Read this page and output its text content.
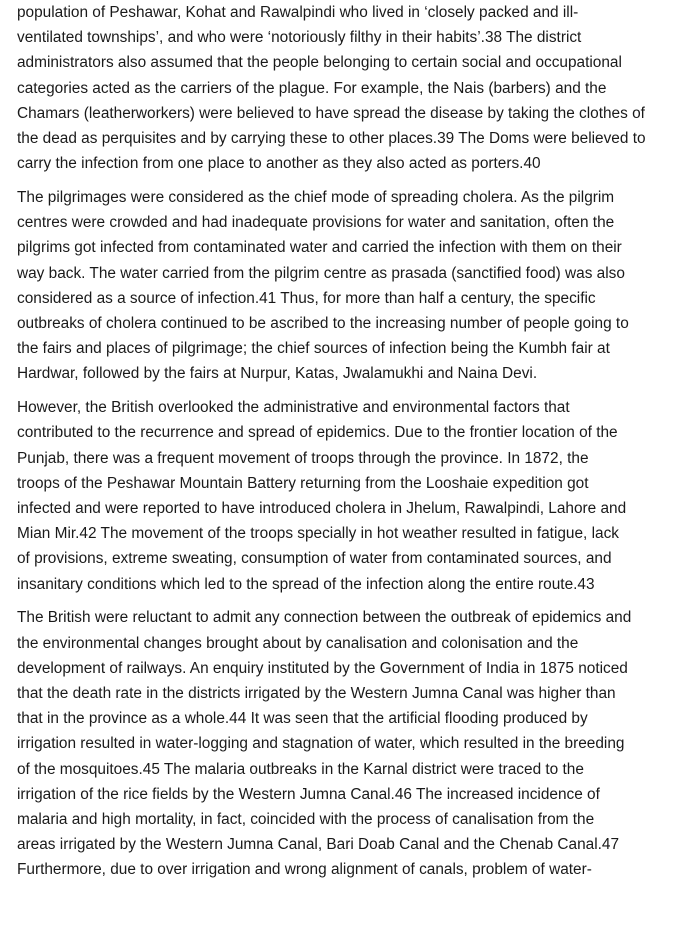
population of Peshawar, Kohat and Rawalpindi who lived in ‘closely packed and ill-
ventilated townships’, and who were ‘notoriously filthy in their habits’.38 The district
administrators also assumed that the people belonging to certain social and occupational
categories acted as the carriers of the plague. For example, the Nais (barbers) and the
Chamars (leatherworkers) were believed to have spread the disease by taking the clothes of
the dead as perquisites and by carrying these to other places.39 The Doms were believed to
carry the infection from one place to another as they also acted as porters.40

The pilgrimages were considered as the chief mode of spreading cholera. As the pilgrim
centres were crowded and had inadequate provisions for water and sanitation, often the
pilgrims got infected from contaminated water and carried the infection with them on their
way back. The water carried from the pilgrim centre as prasada (sanctified food) was also
considered as a source of infection.41 Thus, for more than half a century, the specific
outbreaks of cholera continued to be ascribed to the increasing number of people going to
the fairs and places of pilgrimage; the chief sources of infection being the Kumbh fair at
Hardwar, followed by the fairs at Nurpur, Katas, Jwalamukhi and Naina Devi.

However, the British overlooked the administrative and environmental factors that
contributed to the recurrence and spread of epidemics. Due to the frontier location of the
Punjab, there was a frequent movement of troops through the province. In 1872, the
troops of the Peshawar Mountain Battery returning from the Looshaie expedition got
infected and were reported to have introduced cholera in Jhelum, Rawalpindi, Lahore and
Mian Mir.42 The movement of the troops specially in hot weather resulted in fatigue, lack
of provisions, extreme sweating, consumption of water from contaminated sources, and
insanitary conditions which led to the spread of the infection along the entire route.43

The British were reluctant to admit any connection between the outbreak of epidemics and
the environmental changes brought about by canalisation and colonisation and the
development of railways. An enquiry instituted by the Government of India in 1875 noticed
that the death rate in the districts irrigated by the Western Jumna Canal was higher than
that in the province as a whole.44 It was seen that the artificial flooding produced by
irrigation resulted in water-logging and stagnation of water, which resulted in the breeding
of the mosquitoes.45 The malaria outbreaks in the Karnal district were traced to the
irrigation of the rice fields by the Western Jumna Canal.46 The increased incidence of
malaria and high mortality, in fact, coincided with the process of canalisation from the
areas irrigated by the Western Jumna Canal, Bari Doab Canal and the Chenab Canal.47
Furthermore, due to over irrigation and wrong alignment of canals, problem of water-
